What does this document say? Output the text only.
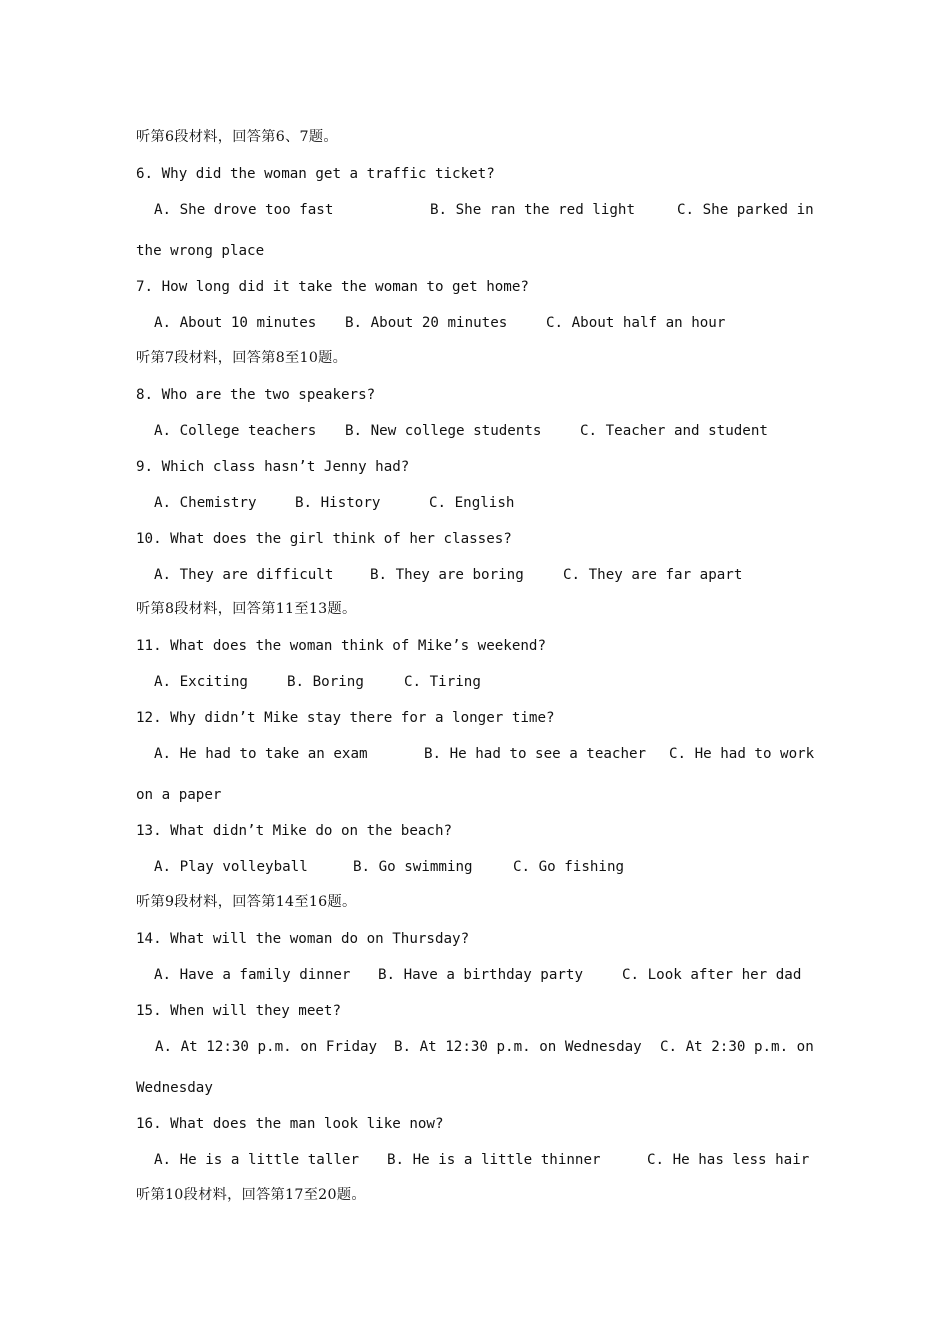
听第6段材料，回答第6、7题。
6. Why did the woman get a traffic ticket?
A. She drove too fast	B. She ran the red light	C. She parked in
the wrong place
7. How long did it take the woman to get home?
A. About 10 minutes B. About 20 minutes	C. About half an hour
听第7段材料，回答第8至10题。
8. Who are the two speakers?
A. College teachers B. New college students	C. Teacher and student
9. Which class hasn’t Jenny had?
A. Chemistry	B. History	C. English
10. What does the girl think of her classes?
A. They are difficult	B. They are boring	C. They are far apart
听第8段材料，回答第11至13题。
11. What does the woman think of Mike’s weekend?
A. Exciting	B. Boring	C. Tiring
12. Why didn’t Mike stay there for a longer time?
A. He had to take an exam	B. He had to see a teacher C. He had to work
on a paper
13. What didn’t Mike do on the beach?
A. Play volleyball	B. Go swimming	C. Go fishing
听第9段材料，回答第14至16题。
14. What will the woman do on Thursday?
A. Have a family dinner B. Have a birthday party	C. Look after her dad
15. When will they meet?
A. At 12:30 p.m. on Friday B. At 12:30 p.m. on Wednesday C. At 2:30 p.m. on
Wednesday
16. What does the man look like now?
A. He is a little taller B. He is a little thinner	C. He has less hair
听第10段材料，回答第17至20题。
